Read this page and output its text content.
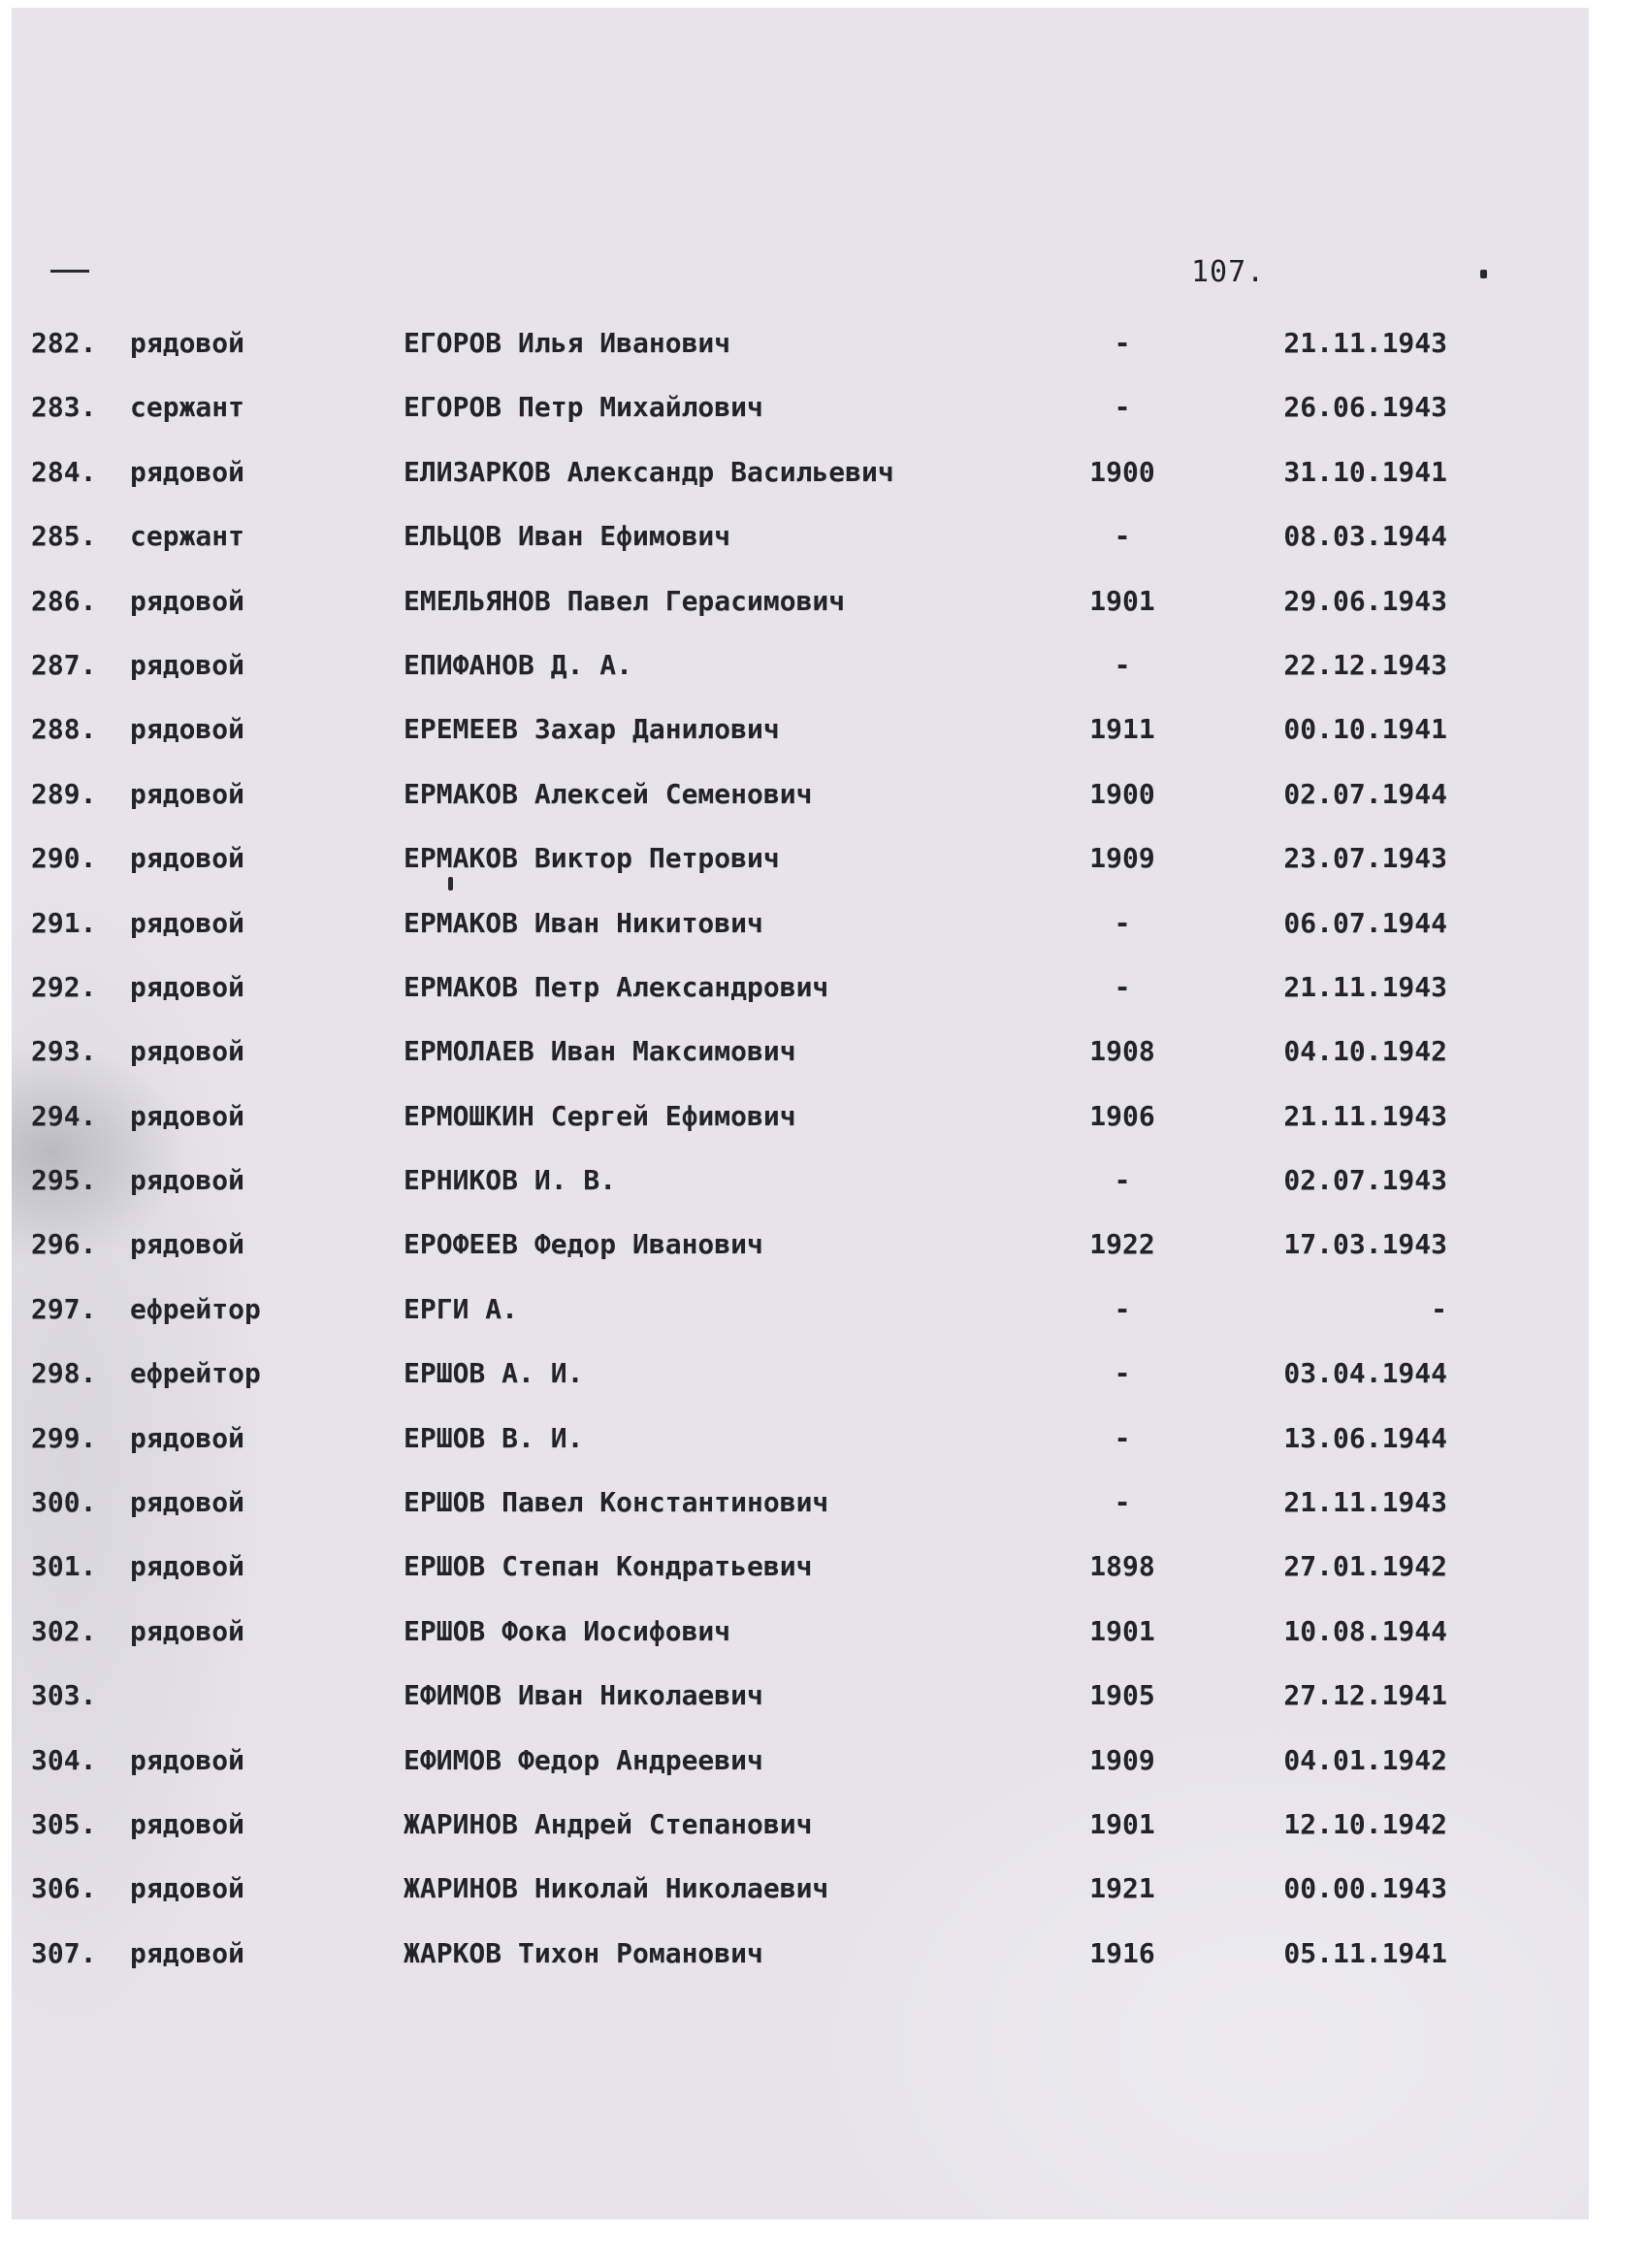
107.
282. рядовой	ЕГОРОВ Илья Иванович	-	21.11.1943
283. сержант	ЕГОРОВ Петр Михайлович	-	26.06.1943
284. рядовой	ЕЛИЗАРКОВ Александр Васильевич	1900	31.10.1941
285. сержант	ЕЛЬЦОВ Иван Ефимович	-	08.03.1944
286. рядовой	ЕМЕЛЬЯНОВ Павел Герасимович	1901	29.06.1943
287. рядовой	ЕПИФАНОВ Д. А.	-	22.12.1943
288. рядовой	ЕРЕМЕЕВ Захар Данилович	1911	00.10.1941
289. рядовой	ЕРМАКОВ Алексей Семенович	1900	02.07.1944
290. рядовой	ЕРМАКОВ Виктор Петрович	1909	23.07.1943
291. рядовой	ЕРМАКОВ Иван Никитович	-	06.07.1944
292. рядовой	ЕРМАКОВ Петр Александрович	-	21.11.1943
293. рядовой	ЕРМОЛАЕВ Иван Максимович	1908	04.10.1942
294. рядовой	ЕРМОШКИН Сергей Ефимович	1906	21.11.1943
295. рядовой	ЕРНИКОВ И. В.	-	02.07.1943
296. рядовой	ЕРОФЕЕВ Федор Иванович	1922	17.03.1943
297. ефрейтор	ЕРГИ А.	-	-
298. ефрейтор	ЕРШОВ А. И.	-	03.04.1944
299. рядовой	ЕРШОВ В. И.	-	13.06.1944
300. рядовой	ЕРШОВ Павел Константинович	-	21.11.1943
301. рядовой	ЕРШОВ Степан Кондратьевич	1898	27.01.1942
302. рядовой	ЕРШОВ Фока Иосифович	1901	10.08.1944
303.	ЕФИМОВ Иван Николаевич	1905	27.12.1941
304. рядовой	ЕФИМОВ Федор Андреевич	1909	04.01.1942
305. рядовой	ЖАРИНОВ Андрей Степанович	1901	12.10.1942
306. рядовой	ЖАРИНОВ Николай Николаевич	1921	00.00.1943
307. рядовой	ЖАРКОВ Тихон Романович	1916	05.11.1941
